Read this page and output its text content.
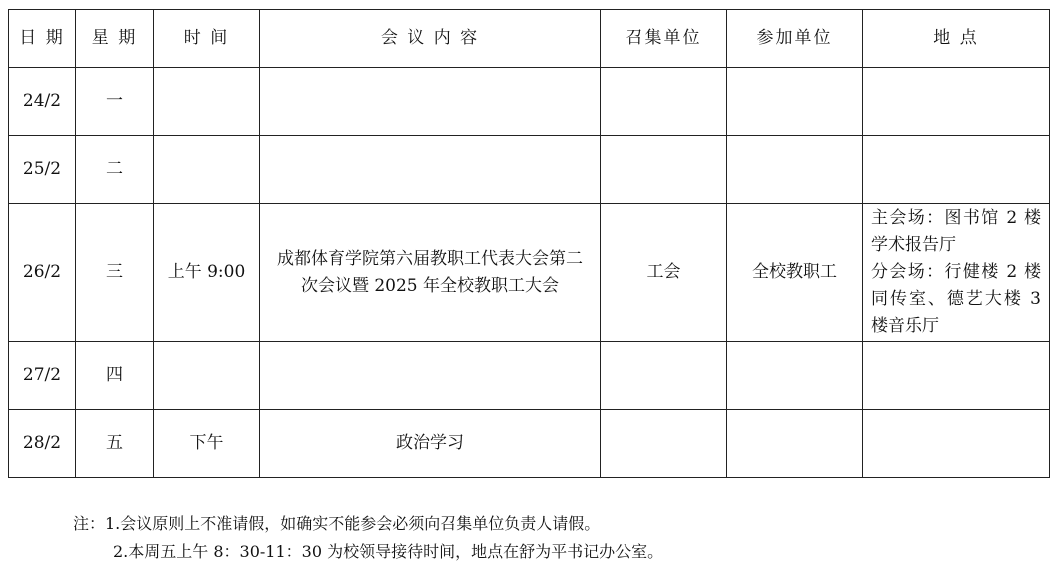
日 期	星 期	时 间	会 议 内 容	召集单位	参加单位	地 点
24/2	一					
25/2	二					
26/2	三	上午 9:00	成都体育学院第六届教职工代表大会第二次会议暨 2025 年全校教职工大会	工会	全校教职工	主会场：图书馆 2 楼学术报告厅
分会场：行健楼 2 楼同传室、德艺大楼 3 楼音乐厅
27/2	四					
28/2	五	下午	政治学习			
注：1.会议原则上不准请假，如确实不能参会必须向召集单位负责人请假。
2.本周五上午 8：30-11：30 为校领导接待时间，地点在舒为平书记办公室。
